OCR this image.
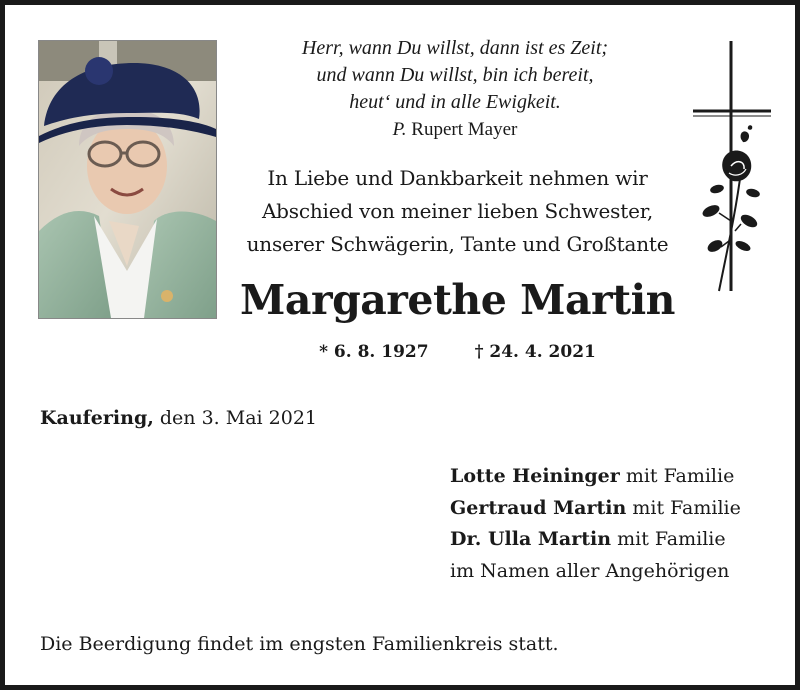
Herr, wann Du willst, dann ist es Zeit;
und wann Du willst, bin ich bereit,
heut‘ und in alle Ewigkeit.
P. Rupert Mayer
In Liebe und Dankbarkeit nehmen wir
Abschied von meiner lieben Schwester,
unserer Schwägerin, Tante und Großtante
Margarethe Martin
* 6. 8. 1927	† 24. 4. 2021
Kaufering, den 3. Mai 2021
Lotte Heininger mit Familie
Gertraud Martin mit Familie
Dr. Ulla Martin mit Familie
im Namen aller Angehörigen
Die Beerdigung findet im engsten Familienkreis statt.
